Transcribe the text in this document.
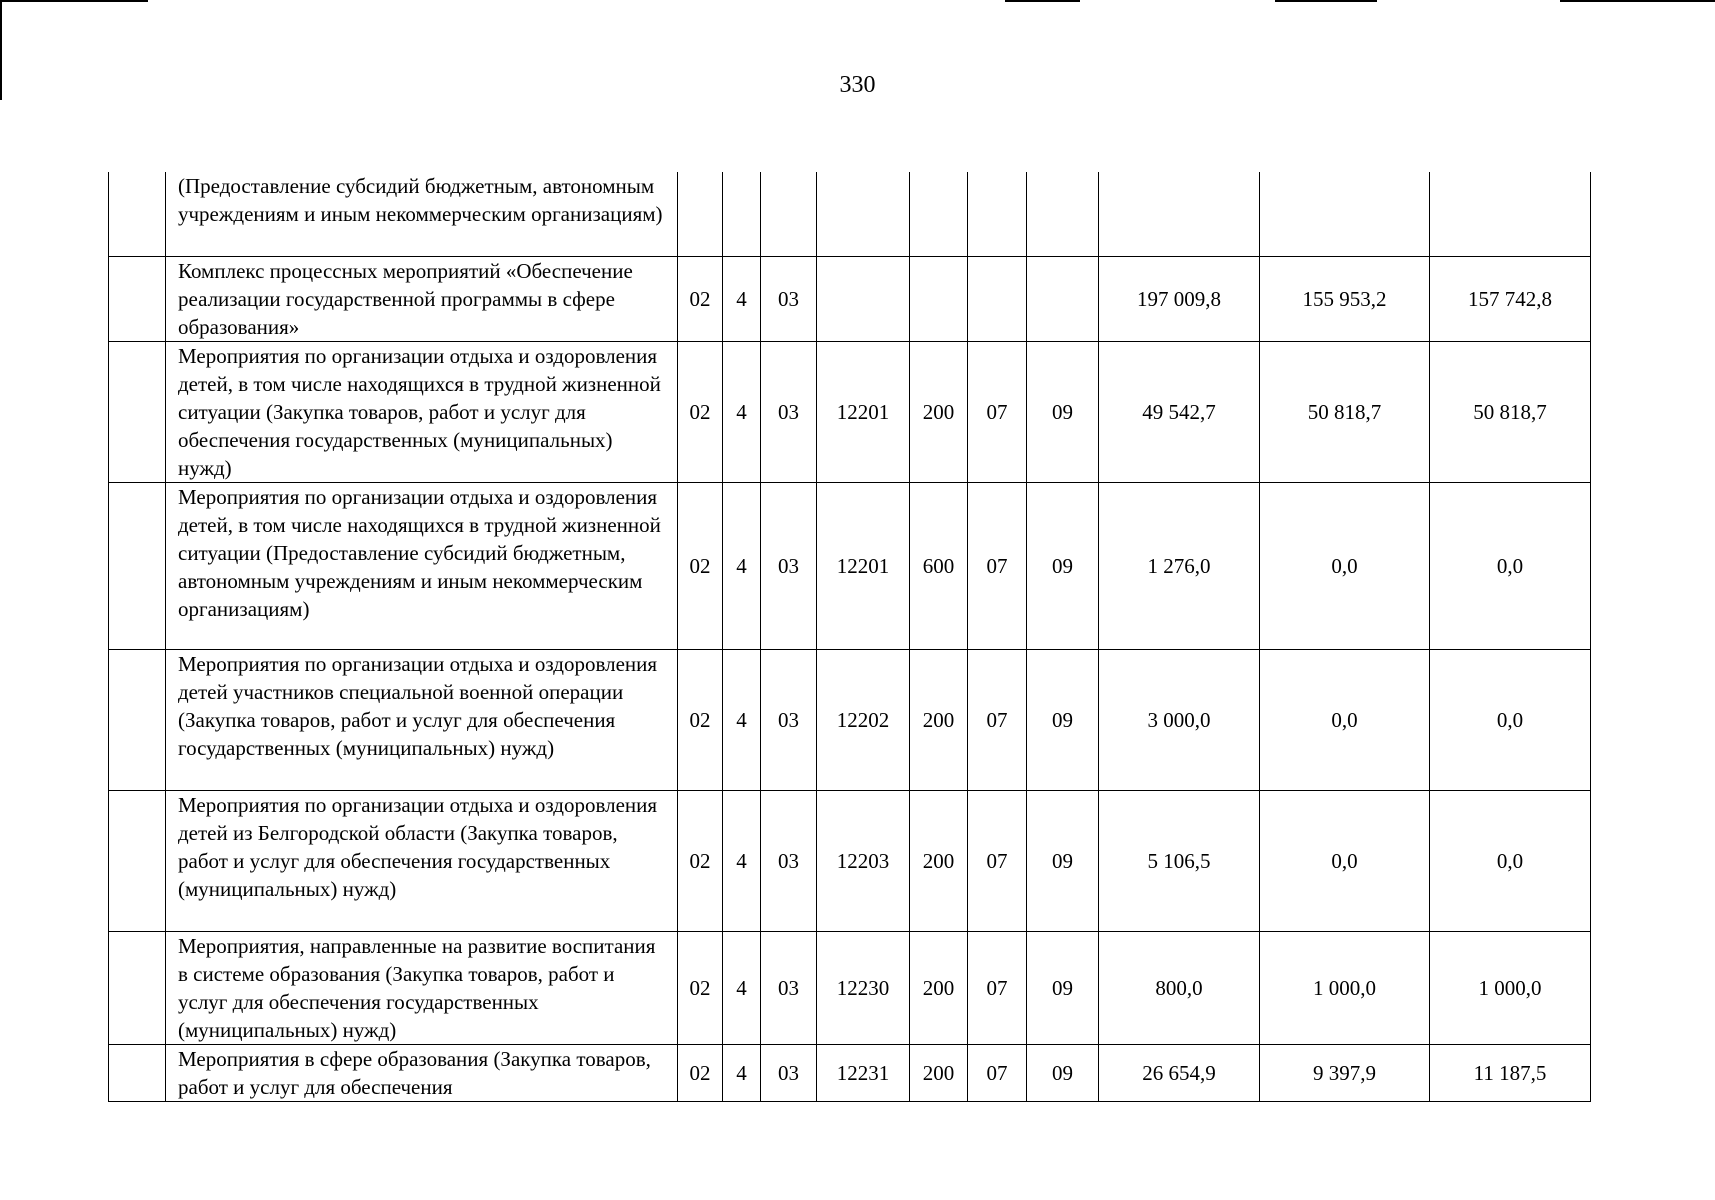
330
	(Предоставление субсидий бюджетным, автономным учреждениям и иным некоммерческим организациям)										
	Комплекс процессных мероприятий «Обеспечение реализации государственной программы в сфере образования»	02	4	03					197 009,8	155 953,2	157 742,8
	Мероприятия по организации отдыха и оздоровления детей, в том числе находящихся в трудной жизненной ситуации (Закупка товаров, работ и услуг для обеспечения государственных (муниципальных) нужд)	02	4	03	12201	200	07	09	49 542,7	50 818,7	50 818,7
	Мероприятия по организации отдыха и оздоровления детей, в том числе находящихся в трудной жизненной ситуации (Предоставление субсидий бюджетным, автономным учреждениям и иным некоммерческим организациям)	02	4	03	12201	600	07	09	1 276,0	0,0	0,0
	Мероприятия по организации отдыха и оздоровления детей участников специальной военной операции (Закупка товаров, работ и услуг для обеспечения государственных (муниципальных) нужд)	02	4	03	12202	200	07	09	3 000,0	0,0	0,0
	Мероприятия по организации отдыха и оздоровления детей из Белгородской области (Закупка товаров, работ и услуг для обеспечения государственных (муниципальных) нужд)	02	4	03	12203	200	07	09	5 106,5	0,0	0,0
	Мероприятия, направленные на развитие воспитания в системе образования (Закупка товаров, работ и услуг для обеспечения государственных (муниципальных) нужд)	02	4	03	12230	200	07	09	800,0	1 000,0	1 000,0
	Мероприятия в сфере образования (Закупка товаров, работ и услуг для обеспечения	02	4	03	12231	200	07	09	26 654,9	9 397,9	11 187,5
